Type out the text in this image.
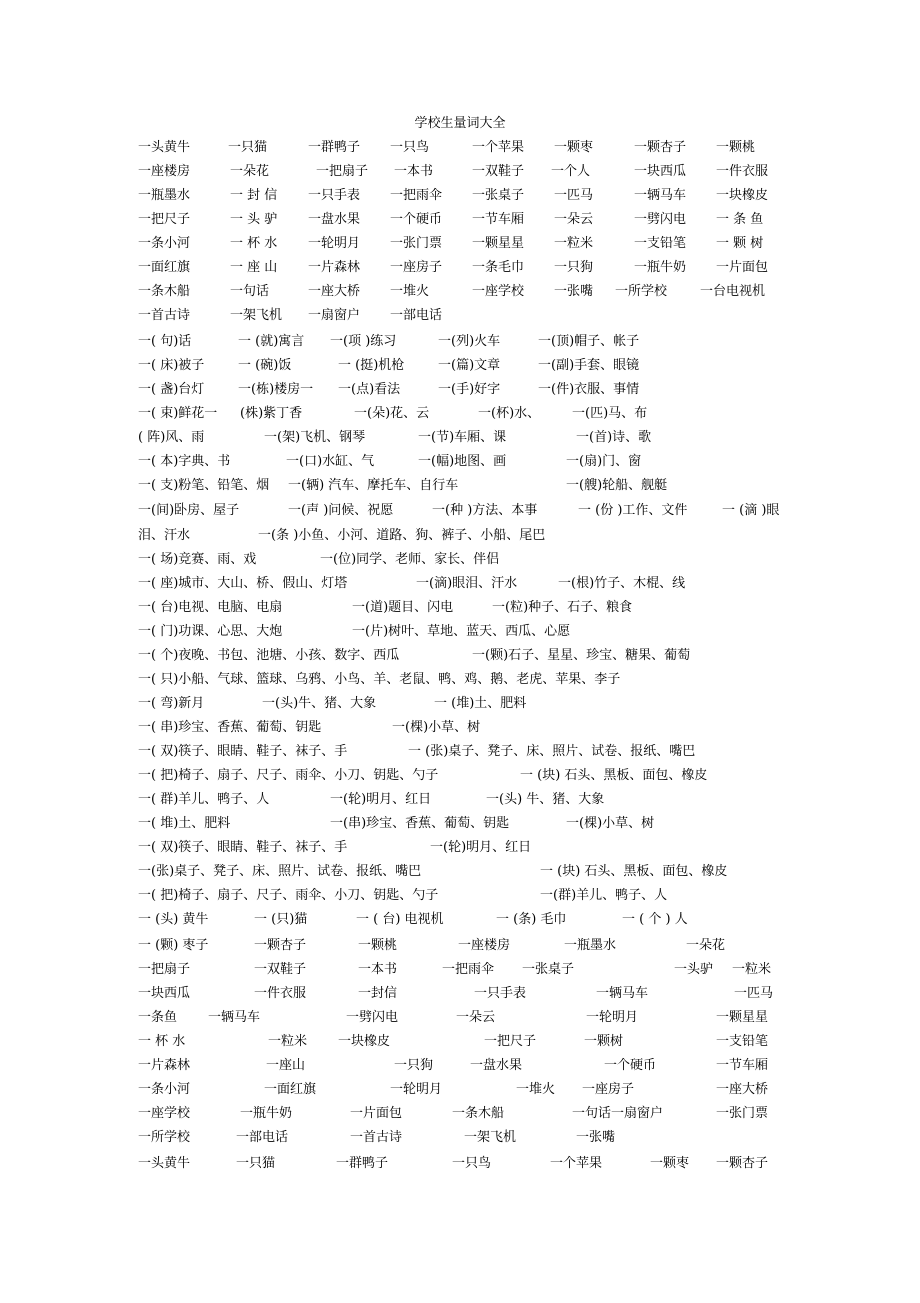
学校生量词大全
一头黄牛	一只猫	一群鸭子 一只鸟	一个苹果 一颗枣	一颗杏子 一颗桃
一座楼房	一朵花	一把扇子 一本书	一双鞋子 一个人	一块西瓜 一件衣服
一瓶墨水	一 封 信 一只手表 一把雨伞 一张桌子 一匹马	一辆马车 一块橡皮
一把尺子	一 头 驴 一盘水果 一个硬币 一节车厢 一朵云	一劈闪电 一 条 鱼
一条小河	一 杯 水 一轮明月 一张门票 一颗星星 一粒米	一支铅笔 一 颗 树
一面红旗	一 座 山 一片森林 一座房子 一条毛巾 一只狗	一瓶牛奶 一片面包
一条木船	一句话	一座大桥 一堆火	一座学校 一张嘴 一所学校	一台电视机
一首古诗	一架飞机 一扇窗户 一部电话
一( 句)话	一 (就)寓言 一(项 )练习	一(列)火车	一(顶)帽子、帐子
一( 床)被子	一 (碗)饭	一 (挺)机枪	一(篇)文章	一(副)手套、眼镜
一( 盏)台灯	一(栋)楼房一 一(点)看法	一(手)好字	一(件)衣服、事情
一( 束)鲜花一 (株)紫丁香	一(朵)花、云	一(杯)水、 一(匹)马、布
( 阵)风、雨	一(架)飞机、钢琴	一(节)车厢、课	一(首)诗、歌
一( 本)字典、书	一(口)水缸、气	一(幅)地图、画	一(扇)门、窗
一( 支)粉笔、铅笔、烟 一(辆) 汽车、摩托车、自行车	一(艘)轮船、舰艇
一(间)卧房、屋子	一(声 )问候、祝愿	一(种 )方法、本事	一 (份 )工作、文件	一 (滴 )眼
泪、汗水	一(条 )小鱼、小河、道路、狗、裤子、小船、尾巴
一( 场)竞赛、雨、戏	一(位)同学、老师、家长、伴侣
一( 座)城市、大山、桥、假山、灯塔	一(滴)眼泪、汗水	一(根)竹子、木棍、线
一( 台)电视、电脑、电扇	一(道)题目、闪电	一(粒)种子、石子、粮食
一( 门)功课、心思、大炮	一(片)树叶、草地、蓝天、西瓜、心愿
一( 个)夜晚、书包、池塘、小孩、数字、西瓜	一(颗)石子、星星、珍宝、糖果、葡萄
一( 只)小船、气球、篮球、乌鸦、小鸟、羊、老鼠、鸭、鸡、鹅、老虎、苹果、李子
一( 弯)新月	一(头)牛、猪、大象	一 (堆)土、肥料
一( 串)珍宝、香蕉、葡萄、钥匙	一(棵)小草、树
一( 双)筷子、眼睛、鞋子、袜子、手	一 (张)桌子、凳子、床、照片、试卷、报纸、嘴巴
一( 把)椅子、扇子、尺子、雨伞、小刀、钥匙、勺子	一 (块) 石头、黑板、面包、橡皮
一( 群)羊儿、鸭子、人	一(轮)明月、红日	一(头) 牛、猪、大象
一( 堆)土、肥料	一(串)珍宝、香蕉、葡萄、钥匙	一(棵)小草、树
一( 双)筷子、眼睛、鞋子、袜子、手	一(轮)明月、红日
一(张)桌子、凳子、床、照片、试卷、报纸、嘴巴	一 (块) 石头、黑板、面包、橡皮
一( 把)椅子、扇子、尺子、雨伞、小刀、钥匙、勺子	一(群)羊儿、鸭子、人
一 (头) 黄牛	一 (只)猫	一 ( 台) 电视机	一 (条) 毛巾	一 ( 个 ) 人
一 (颗) 枣子	一颗杏子	一颗桃	一座楼房	一瓶墨水	一朵花
一把扇子	一双鞋子	一本书	一把雨伞 一张桌子	一头驴 一粒米
一块西瓜	一件衣服	一封信	一只手表	一辆马车	一匹马
一条鱼 一辆马车	一劈闪电	一朵云	一轮明月	一颗星星
一 杯 水	一粒米 一块橡皮	一把尺子	一颗树	一支铅笔
一片森林	一座山	一只狗	一盘水果	一个硬币	一节车厢
一条小河	一面红旗	一轮明月	一堆火 一座房子	一座大桥
一座学校	一瓶牛奶	一片面包	一条木船	一句话一扇窗户	一张门票
一所学校	一部电话	一首古诗	一架飞机	一张嘴
一头黄牛	一只猫	一群鸭子	一只鸟	一个苹果	一颗枣 一颗杏子
